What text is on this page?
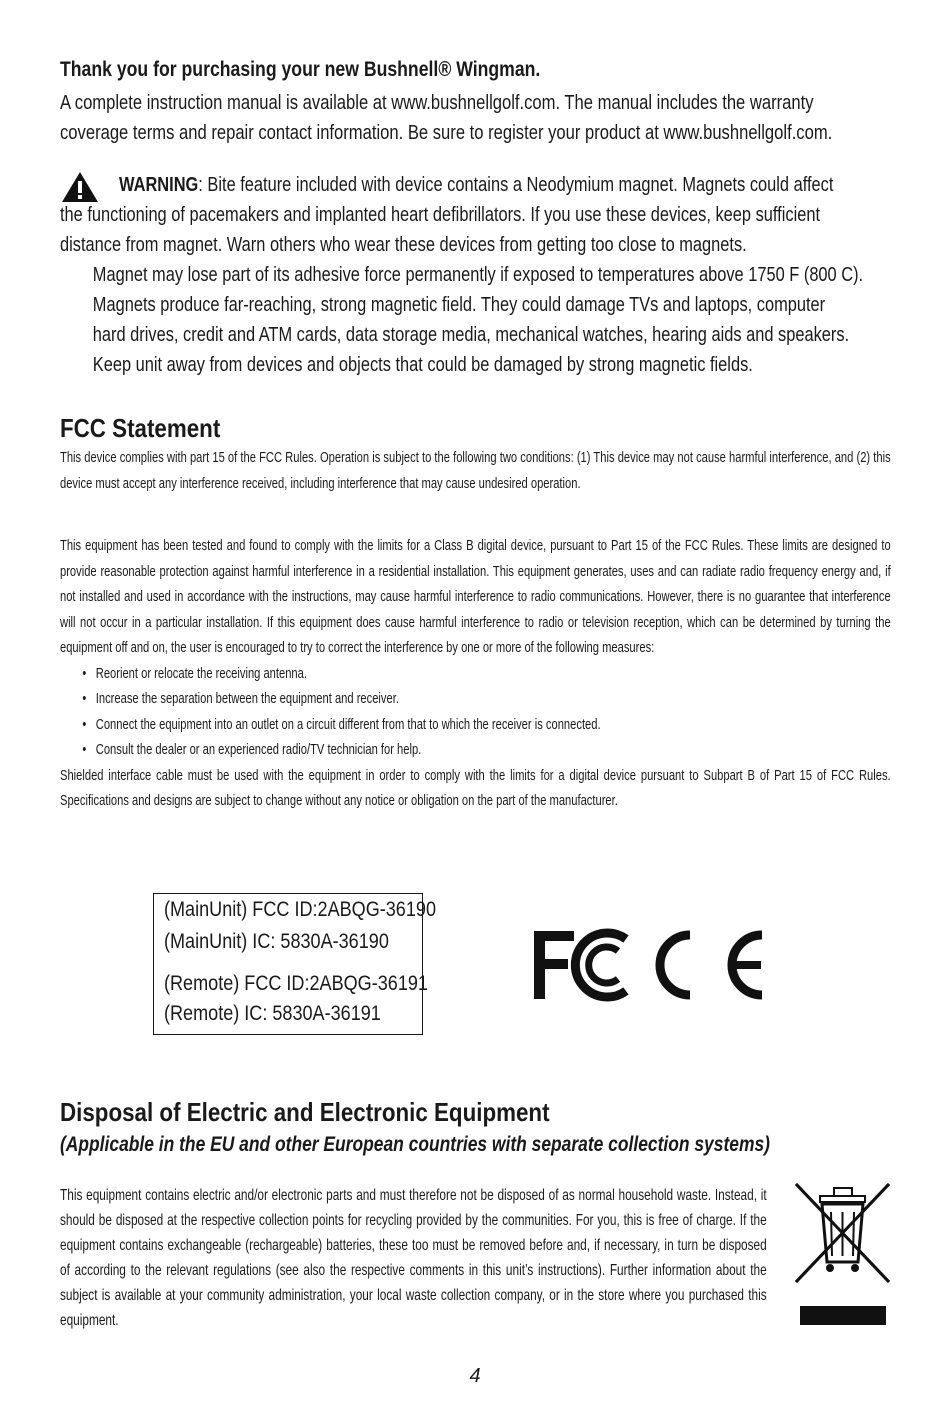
Thank you for purchasing your new Bushnell® Wingman.
A complete instruction manual is available at www.bushnellgolf.com. The manual includes the warranty
coverage terms and repair contact information. Be sure to register your product at www.bushnellgolf.com.

WARNING: Bite feature included with device contains a Neodymium magnet. Magnets could affect

the functioning of pacemakers and implanted heart defibrillators. If you use these devices, keep sufficient

distance from magnet. Warn others who wear these devices from getting too close to magnets.

Magnet may lose part of its adhesive force permanently if exposed to temperatures above 1750 F (800 C).

Magnets produce far-reaching, strong magnetic field. They could damage TVs and laptops, computer

hard drives, credit and ATM cards, data storage media, mechanical watches, hearing aids and speakers.

Keep unit away from devices and objects that could be damaged by strong magnetic fields.

FCC Statement

This device complies with part 15 of the FCC Rules. Operation is subject to the following two conditions: (1) This device may not cause harmful interference, and (2) this device must accept any interference received, including interference that may cause undesired operation.

This equipment has been tested and found to comply with the limits for a Class B digital device, pursuant to Part 15 of the FCC Rules. These limits are designed to provide reasonable protection against harmful interference in a residential installation. This equipment generates, uses and can radiate radio frequency energy and, if not installed and used in accordance with the instructions, may cause harmful interference to radio communications. However, there is no guarantee that interference will not occur in a particular installation. If this equipment does cause harmful interference to radio or television reception, which can be determined by turning the equipment off and on, the user is encouraged to try to correct the interference by one or more of the following measures:

• Reorient or relocate the receiving antenna.
• Increase the separation between the equipment and receiver.
• Connect the equipment into an outlet on a circuit different from that to which the receiver is connected.
• Consult the dealer or an experienced radio/TV technician for help.

Shielded interface cable must be used with the equipment in order to comply with the limits for a digital device pursuant to Subpart B of Part 15 of FCC Rules. Specifications and designs are subject to change without any notice or obligation on the part of the manufacturer.

(MainUnit) FCC ID:2ABQG-36190
(MainUnit) IC: 5830A-36190
(Remote) FCC ID:2ABQG-36191
(Remote) IC: 5830A-36191
Disposal of Electric and Electronic Equipment
(Applicable in the EU and other European countries with separate collection systems)
This equipment contains electric and/or electronic parts and must therefore not be disposed of as normal household waste. Instead, it should be disposed at the respective collection points for recycling provided by the communities. For you, this is free of charge. If the equipment contains exchangeable (rechargeable) batteries, these too must be removed before and, if necessary, in turn be disposed of according to the relevant regulations (see also the respective comments in this unit’s instructions). Further information about the subject is available at your community administration, your local waste collection company, or in the store where you purchased this equipment.
4
